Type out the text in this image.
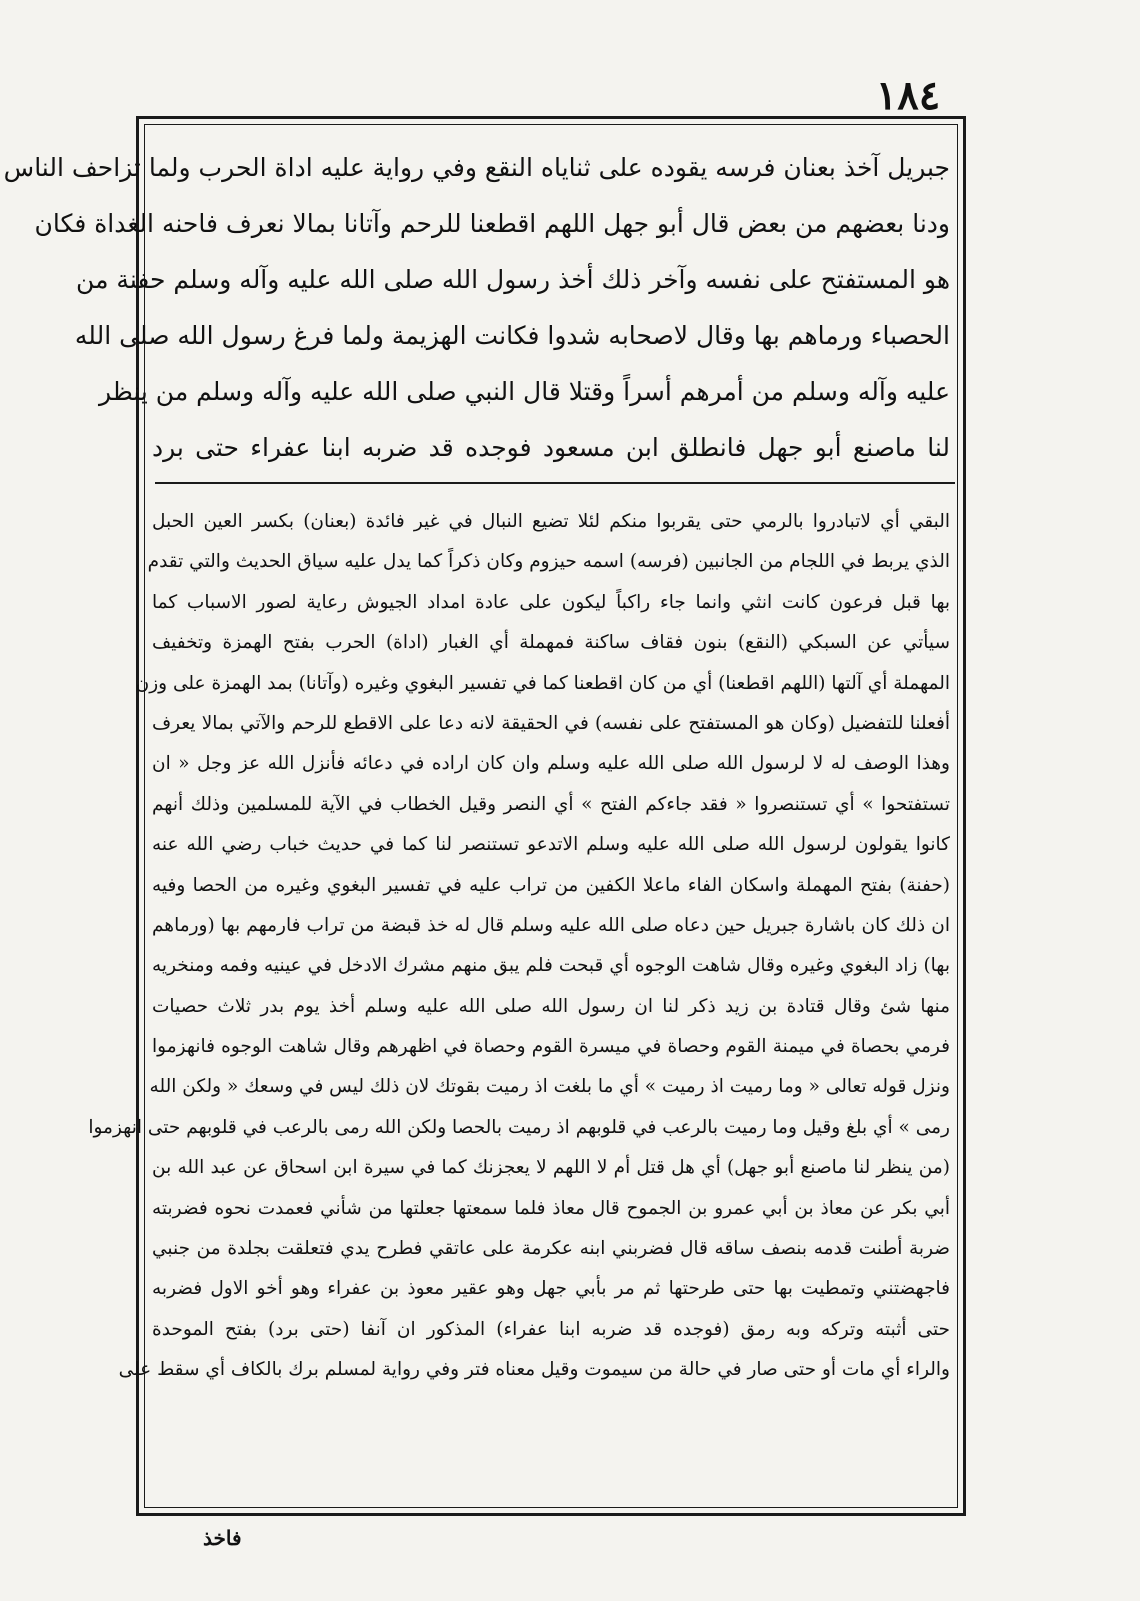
١٨٤
جبريل آخذ بعنان فرسه يقوده على ثناياه النقع وفي رواية عليه اداة الحرب ولما تزاحف الناس
ودنا بعضهم من بعض قال أبو جهل اللهم اقطعنا للرحم وآتانا بمالا نعرف فاحنه الغداة فكان
هو المستفتح على نفسه وآخر ذلك أخذ رسول الله صلى الله عليه وآله وسلم حفنة من
الحصباء ورماهم بها وقال لاصحابه شدوا فكانت الهزيمة ولما فرغ رسول الله صلى الله
عليه وآله وسلم من أمرهم أسراً وقتلا قال النبي صلى الله عليه وآله وسلم من ينظر
لنا ماصنع أبو جهل فانطلق ابن مسعود فوجده قد ضربه ابنا عفراء حتى برد
البقي أي لاتبادروا بالرمي حتى يقربوا منكم لئلا تضيع النبال في غير فائدة (بعنان) بكسر العين الحبل
الذي يربط في اللجام من الجانبين (فرسه) اسمه حيزوم وكان ذكراً كما يدل عليه سياق الحديث والتي تقدم
بها قبل فرعون كانت انثي وانما جاء راكباً ليكون على عادة امداد الجيوش رعاية لصور الاسباب كما
سيأتي عن السبكي (النقع) بنون فقاف ساكنة فمهملة أي الغبار (اداة) الحرب بفتح الهمزة وتخفيف
المهملة أي آلتها (اللهم اقطعنا) أي من كان اقطعنا كما في تفسير البغوي وغيره (وآتانا) بمد الهمزة على وزن
أفعلنا للتفضيل (وكان هو المستفتح على نفسه) في الحقيقة لانه دعا على الاقطع للرحم والآتي بمالا يعرف
وهذا الوصف له لا لرسول الله صلى الله عليه وسلم وان كان اراده في دعائه فأنزل الله عز وجل « ان
تستفتحوا » أي تستنصروا « فقد جاءكم الفتح » أي النصر وقيل الخطاب في الآية للمسلمين وذلك أنهم
كانوا يقولون لرسول الله صلى الله عليه وسلم الاتدعو تستنصر لنا كما في حديث خباب رضي الله عنه
(حفنة) بفتح المهملة واسكان الفاء ماعلا الكفين من تراب عليه في تفسير البغوي وغيره من الحصا وفيه
ان ذلك كان باشارة جبريل حين دعاه صلى الله عليه وسلم قال له خذ قبضة من تراب فارمهم بها (ورماهم
بها) زاد البغوي وغيره وقال شاهت الوجوه أي قبحت فلم يبق منهم مشرك الادخل في عينيه وفمه ومنخريه
منها شئ وقال قتادة بن زيد ذكر لنا ان رسول الله صلى الله عليه وسلم أخذ يوم بدر ثلاث حصيات
فرمي بحصاة في ميمنة القوم وحصاة في ميسرة القوم وحصاة في اظهرهم وقال شاهت الوجوه فانهزموا
ونزل قوله تعالى « وما رميت اذ رميت » أي ما بلغت اذ رميت بقوتك لان ذلك ليس في وسعك « ولكن الله
رمى » أي بلغ وقيل وما رميت بالرعب في قلوبهم اذ رميت بالحصا ولكن الله رمى بالرعب في قلوبهم حتى انهزموا
(من ينظر لنا ماصنع أبو جهل) أي هل قتل أم لا اللهم لا يعجزنك كما في سيرة ابن اسحاق عن عبد الله بن
أبي بكر عن معاذ بن أبي عمرو بن الجموح قال معاذ فلما سمعتها جعلتها من شأني فعمدت نحوه فضربته
ضربة أطنت قدمه بنصف ساقه قال فضربني ابنه عكرمة على عاتقي فطرح يدي فتعلقت بجلدة من جنبي
فاجهضتني وتمطيت بها حتى طرحتها ثم مر بأبي جهل وهو عقير معوذ بن عفراء وهو أخو الاول فضربه
حتى أثبته وتركه وبه رمق (فوجده قد ضربه ابنا عفراء) المذكور ان آنفا (حتى برد) بفتح الموحدة
والراء أي مات أو حتى صار في حالة من سيموت وقيل معناه فتر وفي رواية لمسلم برك بالكاف أي سقط على
فاخذ
